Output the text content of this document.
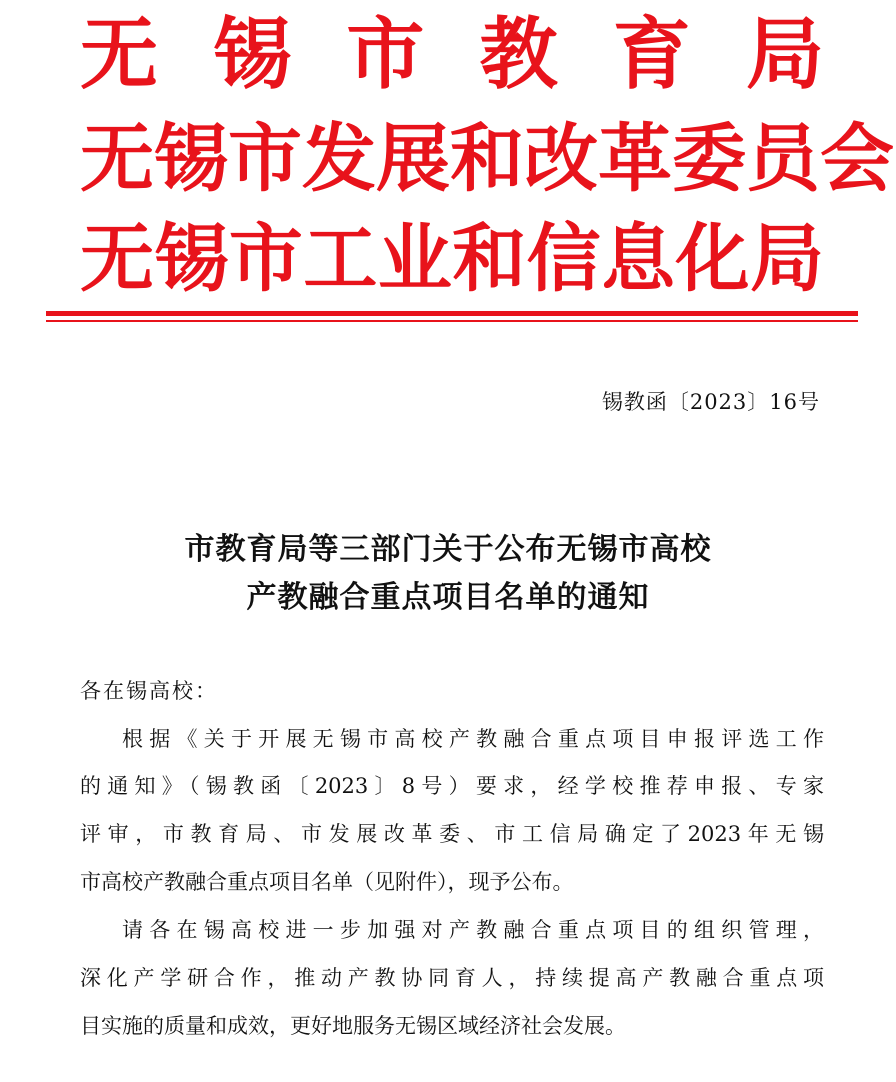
无 锡 市 教 育 局
无 锡 市 发 展 和 改 革 委 员 会
无 锡 市 工 业 和 信 息 化 局
锡教函〔2023〕16号
市教育局等三部门关于公布无锡市高校
产教融合重点项目名单的通知
各在锡高校：
根据《关于开展无锡市高校产教融合重点项目申报评选工作
的通知》（锡教函〔2023〕8号）要求，经学校推荐申报、专家
评审，市教育局、市发展改革委、市工信局确定了2023年无锡
市高校产教融合重点项目名单（见附件），现予公布。
请各在锡高校进一步加强对产教融合重点项目的组织管理，
深化产学研合作，推动产教协同育人，持续提高产教融合重点项
目实施的质量和成效，更好地服务无锡区域经济社会发展。
